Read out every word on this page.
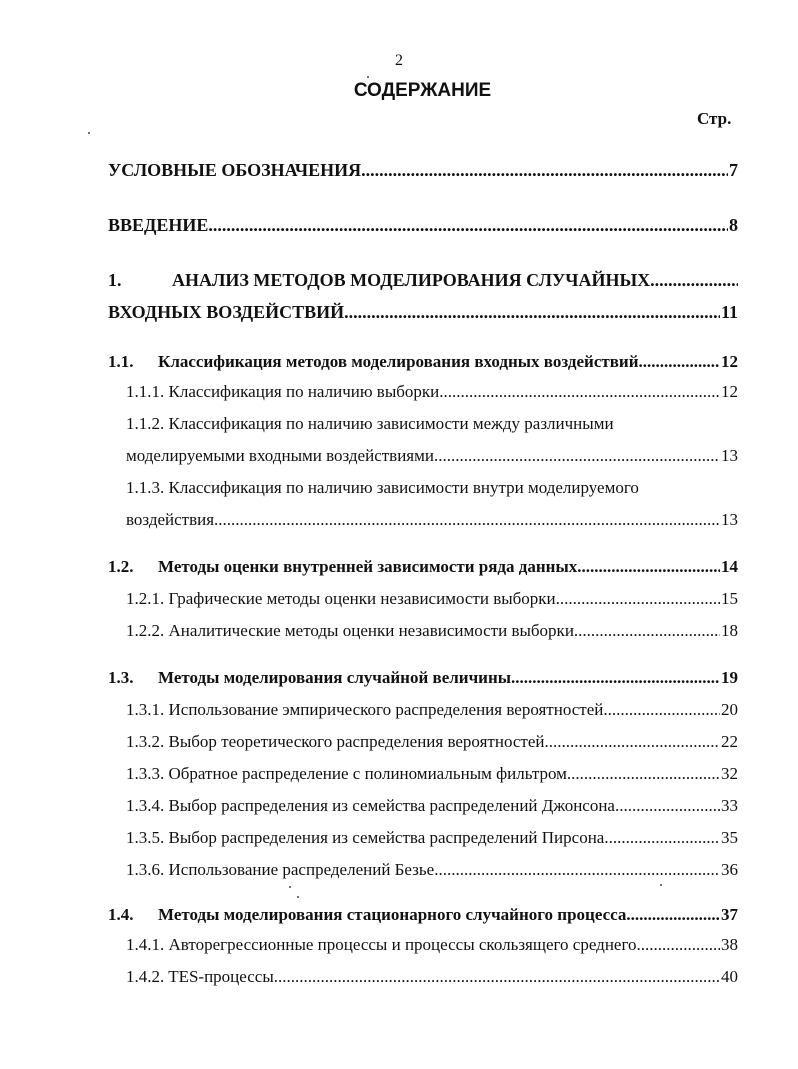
2
СОДЕРЖАНИЕ
Стр.
УСЛОВНЫЕ ОБОЗНАЧЕНИЯ .....	7
ВВЕДЕНИЕ .....	8
1.	АНАЛИЗ МЕТОДОВ МОДЕЛИРОВАНИЯ СЛУЧАЙНЫХ
.....
ВХОДНЫХ ВОЗДЕЙСТВИЙ .....	11
1.1.	Классификация методов моделирования входных воздействий .....	12
1.1.1. Классификация по наличию выборки .....	12
1.1.2. Классификация по наличию зависимости между различными
моделируемыми входными воздействиями .....	13
1.1.3. Классификация по наличию зависимости внутри моделируемого
воздействия .....	13
1.2.	Методы оценки внутренней зависимости ряда данных .....	14
1.2.1. Графические методы оценки независимости выборки .....	15
1.2.2. Аналитические методы оценки независимости выборки .....	18
1.3.	Методы моделирования случайной величины .....	19
1.3.1. Использование эмпирического распределения вероятностей .....	20
1.3.2. Выбор теоретического распределения вероятностей .....	22
1.3.3. Обратное распределение с полиномиальным фильтром .....	32
1.3.4. Выбор распределения из семейства распределений Джонсона .....	33
1.3.5. Выбор распределения из семейства распределений Пирсона .....	35
1.3.6. Использование распределений Безье .....	36
1.4.	Методы моделирования стационарного случайного процесса .....	37
1.4.1. Авторегрессионные процессы и процессы скользящего среднего .....	38
1.4.2. TES-процессы .....	40
